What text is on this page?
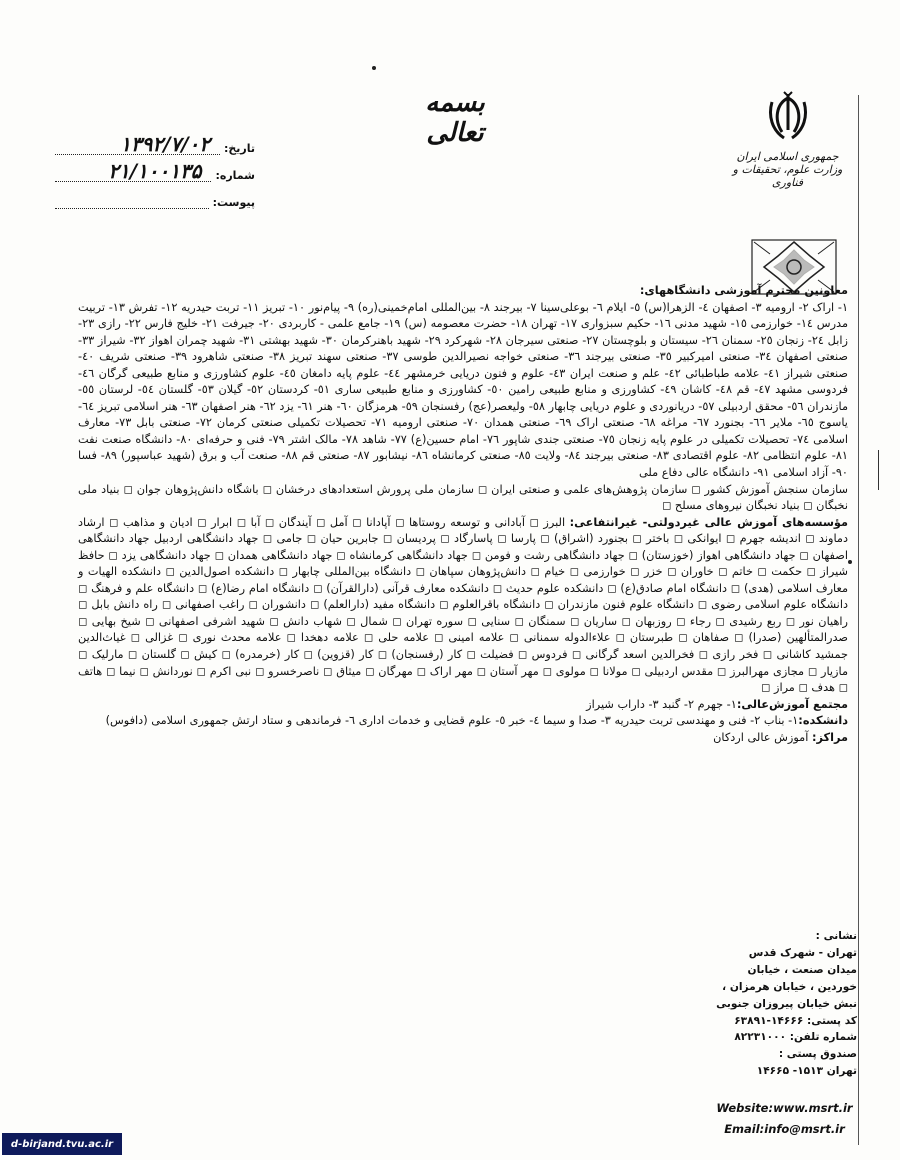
بسمه تعالی
تاریخ:
۱۳۹۲/۷/۰۲
شماره:
۲۱/۱۰۰۱۳۵
پیوست:
جمهوری اسلامی ایران
وزارت علوم، تحقیقات و فناوری

معاونین محترم آموزشی دانشگاههای:

۱- اراک ۲- ارومیه ۳- اصفهان ٤- الزهرا(س) ٥- ایلام ٦- بوعلی‌سینا ۷- بیرجند ۸- بین‌المللی امام‌خمینی(ره) ۹- پیام‌نور ۱۰- تبریز ۱۱- تربت حیدریه ۱۲- تفرش ۱۳- تربیت مدرس ۱٤- خوارزمی ۱٥- شهید مدنی ۱٦- حکیم سبزواری ۱۷- تهران ۱۸- حضرت معصومه (س) ۱۹- جامع علمی - کاربردی ۲۰- جیرفت ۲۱- خلیج فارس ۲۲- رازی ۲۳- زابل ۲٤- زنجان ۲٥- سمنان ۲٦- سیستان و بلوچستان ۲۷- صنعتی سیرجان ۲۸- شهرکرد ۲۹- شهید باهنرکرمان ۳۰- شهید بهشتی ۳۱- شهید چمران اهواز ۳۲- شیراز ۳۳- صنعتی اصفهان ۳٤- صنعتی امیرکبیر ۳٥- صنعتی بیرجند ۳٦- صنعتی خواجه نصیرالدین طوسی ۳۷- صنعتی سهند تبریز ۳۸- صنعتی شاهرود ۳۹- صنعتی شریف ٤۰- صنعتی شیراز ٤۱- علامه طباطبائی ٤۲- علم و صنعت ایران ٤۳- علوم و فنون دریایی خرمشهر ٤٤- علوم پایه دامغان ٤٥- علوم کشاورزی و منابع طبیعی گرگان ٤٦- فردوسی مشهد ٤۷- قم ٤۸- کاشان ٤۹- کشاورزی و منابع طبیعی رامین ٥۰- کشاورزی و منابع طبیعی ساری ٥۱- کردستان ٥۲- گیلان ٥۳- گلستان ٥٤- لرستان ٥٥- مازندران ٥٦- محقق اردبیلی ٥۷- دریانوردی و علوم دریایی چابهار ٥۸- ولیعصر(عج) رفسنجان ٥۹- هرمزگان ٦۰- هنر ٦۱- یزد ٦۲- هنر اصفهان ٦۳- هنر اسلامی تبریز ٦٤- یاسوج ٦٥- ملایر ٦٦- بجنورد ٦۷- مراغه ٦۸- صنعتی اراک ٦۹- صنعتی همدان ۷۰- صنعتی ارومیه ۷۱- تحصیلات تکمیلی صنعتی کرمان ۷۲- صنعتی بابل ۷۳- معارف اسلامی ۷٤- تحصیلات تکمیلی در علوم پایه زنجان ۷٥- صنعتی جندی شاپور ۷٦- امام حسین(ع) ۷۷- شاهد ۷۸- مالک اشتر ۷۹- فنی و حرفه‌ای ۸۰- دانشگاه صنعت نفت ۸۱- علوم انتظامی ۸۲- علوم اقتصادی ۸۳- صنعتی بیرجند ۸٤- ولایت ۸٥- صنعتی کرمانشاه ۸٦- نیشابور ۸۷- صنعتی قم ۸۸- صنعت آب و برق (شهید عباسپور) ۸۹- فسا ۹۰- آزاد اسلامی ۹۱- دانشگاه عالی دفاع ملی

سازمان سنجش آموزش کشور ◻ سازمان پژوهش‌های علمی و صنعتی ایران ◻ سازمان ملی پرورش استعدادهای درخشان ◻ باشگاه دانش‌پژوهان جوان ◻ بنیاد ملی نخبگان ◻ بنیاد نخبگان نیروهای مسلح ◻

مؤسسه‌های آموزش عالی غیردولتی- غیرانتفاعی: البرز ◻ آبادانی و توسعه روستاها ◻ آپادانا ◻ آمل ◻ آیندگان ◻ آبا ◻ ابرار ◻ ادیان و مذاهب ◻ ارشاد دماوند ◻ اندیشه جهرم ◻ ایوانکی ◻ باختر ◻ بجنورد (اشراق) ◻ پارسا ◻ پاسارگاد ◻ پردیسان ◻ جابرین حیان ◻ جامی ◻ جهاد دانشگاهی اردبیل جهاد دانشگاهی اصفهان ◻ جهاد دانشگاهی اهواز (خوزستان) ◻ جهاد دانشگاهی رشت و فومن ◻ جهاد دانشگاهی کرمانشاه ◻ جهاد دانشگاهی همدان ◻ جهاد دانشگاهی یزد ◻ حافظ شیراز ◻ حکمت ◻ خاتم ◻ خاوران ◻ خزر ◻ خوارزمی ◻ خیام ◻ دانش‌پژوهان سپاهان ◻ دانشگاه بین‌المللی چابهار ◻ دانشکده اصول‌الدین ◻ دانشکده الهیات و معارف اسلامی (هدی) ◻ دانشگاه امام صادق(ع) ◻ دانشکده علوم حدیث ◻ دانشکده معارف قرآنی (دارالقرآن) ◻ دانشگاه امام رضا(ع) ◻ دانشگاه علم و فرهنگ ◻ دانشگاه علوم اسلامی رضوی ◻ دانشگاه علوم فنون مازندران ◻ دانشگاه باقرالعلوم ◻ دانشگاه مفید (دارالعلم) ◻ دانشوران ◻ راغب اصفهانی ◻ راه دانش بابل ◻ راهیان نور ◻ ربع رشیدی ◻ رجاء ◻ روزبهان ◻ ساریان ◻ سمنگان ◻ سنایی ◻ سوره تهران ◻ شمال ◻ شهاب دانش ◻ شهید اشرفی اصفهانی ◻ شیخ بهایی ◻ صدرالمتألهین (صدرا) ◻ صفاهان ◻ طبرستان ◻ علاءالدوله سمنانی ◻ علامه امینی ◻ علامه حلی ◻ علامه دهخدا ◻ علامه محدث نوری ◻ غزالی ◻ غیاث‌الدین جمشید کاشانی ◻ فخر رازی ◻ فخرالدین اسعد گرگانی ◻ فردوس ◻ فضیلت ◻ کار (رفسنجان) ◻ کار (قزوین) ◻ کار (خرمدره) ◻ کیش ◻ گلستان ◻ مارلیک ◻ مازیار ◻ مجازی مهرالبرز ◻ مقدس اردبیلی ◻ مولانا ◻ مولوی ◻ مهر آستان ◻ مهر اراک ◻ مهرگان ◻ میثاق ◻ ناصرخسرو ◻ نبی اکرم ◻ نوردانش ◻ نیما ◻ هاتف ◻ هدف ◻ مراز ◻

مجتمع آموزش‌عالی:۱- جهرم ۲- گنبد ۳- داراب شیراز

دانشکده:۱- بناب ۲- فنی و مهندسی تربت حیدریه ۳- صدا و سیما ٤- خبر ٥- علوم قضایی و خدمات اداری ٦- فرماندهی و ستاد ارتش جمهوری اسلامی (دافوس)

مراکز: آموزش عالی اردکان

نشانی :
تهران - شهرک قدس
میدان صنعت ، خیابان
خوردین ، خیابان هرمزان ،
نبش خیابان پیروزان جنوبی
کد پستی: ۱۴۶۶۶-۶۳۸۹۱
شماره تلفن: ۸۲۲۳۱۰۰۰
صندوق پستی :
تهران ۱۵۱۳- ۱۴۶۶۵
Website:www.msrt.ir
Email:info@msrt.ir
d-birjand.tvu.ac.ir
